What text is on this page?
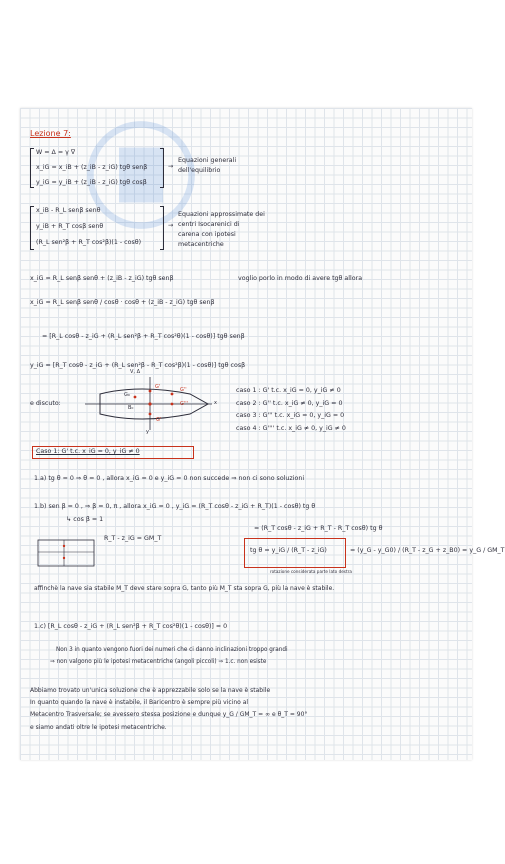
Lezione 7:
W = Δ = γ ∇
x_iG = x_iB + (z_iB - z_iG) tgθ senβ
y_iG = y_iB + (z_iB - z_iG) tgθ cosβ
→
Equazioni generali
dell'equilibrio
x_iB - R_L senβ senθ
y_iB + R_T cosβ senθ
(R_L sen²β + R_T cos²β)(1 - cosθ)
→
Equazioni approssimate dei
centri Isocarenici di
carena con ipotesi
metacentriche
x_iG = R_L senβ senθ + (z_iB - z_iG) tgθ senβ	voglio porlo in modo di avere tgθ allora
x_iG = R_L senβ senθ / cosθ · cosθ + (z_iB - z_iG) tgθ senβ
= [R_L cosθ - z_iG + (R_L sen²β + R_T cos²θ)(1 - cosθ)] tgθ senβ
y_iG = [R_T cosθ - z_iG + (R_L sen²β - R_T cos²β)(1 - cosθ)] tgθ cosβ
e discuto:
V, Δ
G'	G''
G'''
G'
B₀
G₀
x
y
caso 1 : G' t.c. x_iG = 0, y_iG ≠ 0
caso 2 : G'' t.c. x_iG ≠ 0, y_iG = 0
caso 3 : G''' t.c. x_iG = 0, y_iG = 0
caso 4 : G'''' t.c. x_iG ≠ 0, y_iG ≠ 0
Caso 1: G' t.c. x_iG = 0, y_iG ≠ 0
1.a) tg θ = 0 ⇒ θ = 0 , allora x_iG = 0 e y_iG = 0 non succede ⇒ non ci sono soluzioni
1.b) sen β = 0 , ⇒ β = 0, π , allora x_iG = 0 , y_iG = (R_T cosθ - z_iG + R_T)(1 - cosθ) tg θ
↳ cos β = 1
= (R_T cosθ - z_iG + R_T - R_T cosθ) tg θ
R_T - z_iG = GM_T
tg θ = y_iG / (R_T - z_iG)	= (y_G - y_G0) / (R_T - z_G + z_B0) = y_G / GM_T
rotazione considerata parte lato destra
affinchè la nave sia stabile M_T deve stare sopra G, tanto più M_T sta sopra G, più la nave è stabile.
1.c) [R_L cosθ - z_iG + (R_L sen²β + R_T cos²θ)(1 - cosθ)] = 0
Non 3 in quanto vengono fuori dei numeri che ci danno inclinazioni troppo grandi
⇒ non valgono più le ipotesi metacentriche (angoli piccoli) ⇒ 1.c. non esiste
Abbiamo trovato un'unica soluzione che è apprezzabile solo se la nave è stabile
In quanto quando la nave è instabile, il Baricentro è sempre più vicino al
Metacentro Trasversale; se avessero stessa posizione e dunque y_G / GM_T = ∞ e θ_T = 90°
e siamo andati oltre le ipotesi metacentriche.
